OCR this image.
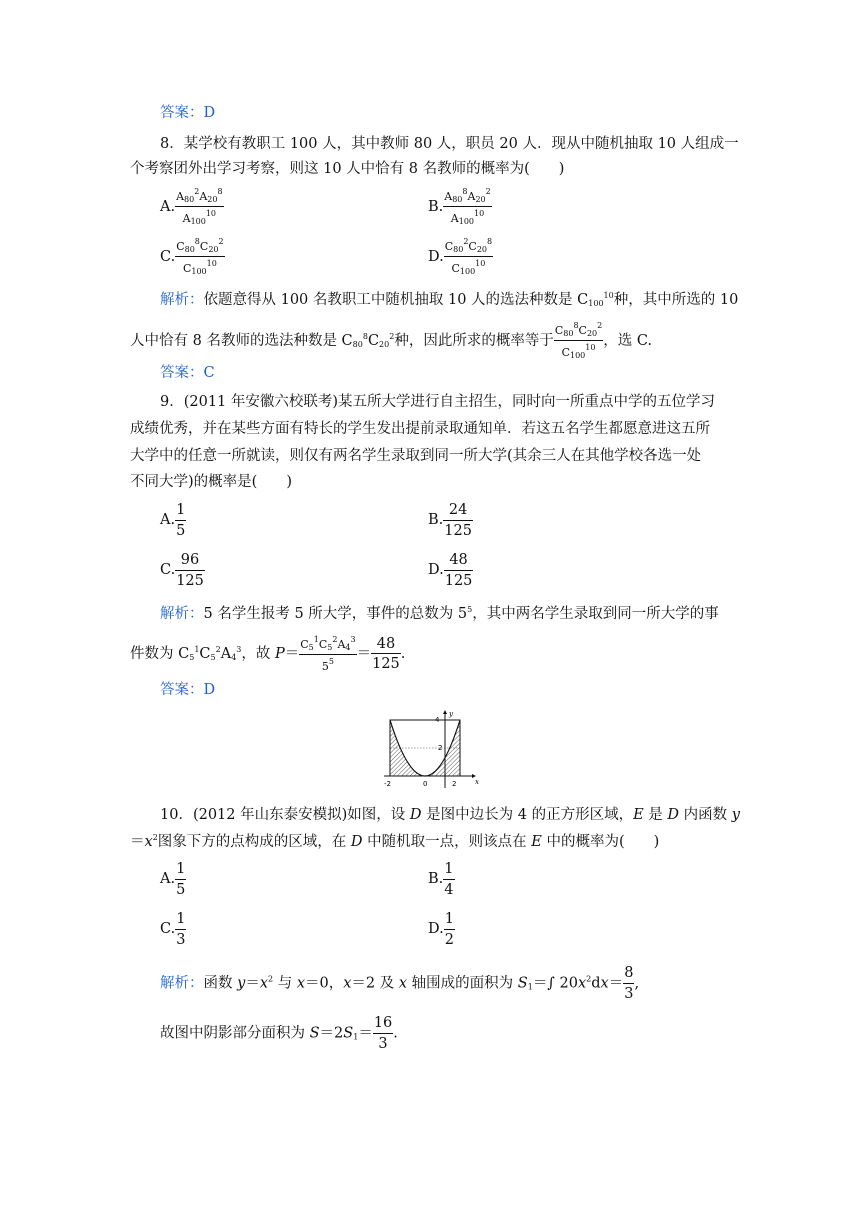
答案：D
8．某学校有教职工 100 人，其中教师 80 人，职员 20 人．现从中随机抽取 10 人组成一
个考察团外出学习考察，则这 10 人中恰有 8 名教师的概率为(　　)
A. $\frac{A_{80}^2A_{20}^8}{A_{100}^{10}}$	B. $\frac{A_{80}^8A_{20}^2}{A_{100}^{10}}$
C. $\frac{C_{80}^8C_{20}^2}{C_{100}^{10}}$	D. $\frac{C_{80}^2C_{20}^8}{C_{100}^{10}}$
解析：依题意得从 100 名教职工中随机抽取 10 人的选法种数是 $C_{100}^{10}$种，其中所选的 10
人中恰有 8 名教师的选法种数是 $C_{80}^8C_{20}^2$种，因此所求的概率等于 $\frac{C_{80}^8C_{20}^2}{C_{100}^{10}}$ ，选 C.
答案：C
9．(2011 年安徽六校联考)某五所大学进行自主招生，同时向一所重点中学的五位学习
成绩优秀，并在某些方面有特长的学生发出提前录取通知单．若这五名学生都愿意进这五所
大学中的任意一所就读，则仅有两名学生录取到同一所大学(其余三人在其他学校各选一处
不同大学)的概率是(　　)
A. $\frac{1}{5}$	B. $\frac{24}{125}$
C. $\frac{96}{125}$	D. $\frac{48}{125}$
解析：5 名学生报考 5 所大学，事件的总数为 $5^5$，其中两名学生录取到同一所大学的事
件数为 $C_5^1C_5^2A_4^3$，故 $P= \frac{C_5^1C_5^2A_4^3}{5^5} = \frac{48}{125}$ .
答案：D
-2	0	2
4
2
x
y
10．(2012 年山东泰安模拟)如图，设 D 是图中边长为 4 的正方形区域，E 是 D 内函数 y
$=x^2$图象下方的点构成的区域，在 D 中随机取一点，则该点在 E 中的概率为(　　)
A. $\frac{1}{5}$	B. $\frac{1}{4}$
C. $\frac{1}{3}$	D. $\frac{1}{2}$
解析：函数 $y=x^2$ 与 x＝0，x＝2 及 x 轴围成的面积为 $S_1=\int$ $20x^2dx= \frac{8}{3}$ ,
故图中阴影部分面积为 $S=2S_1= \frac{16}{3}$ .
